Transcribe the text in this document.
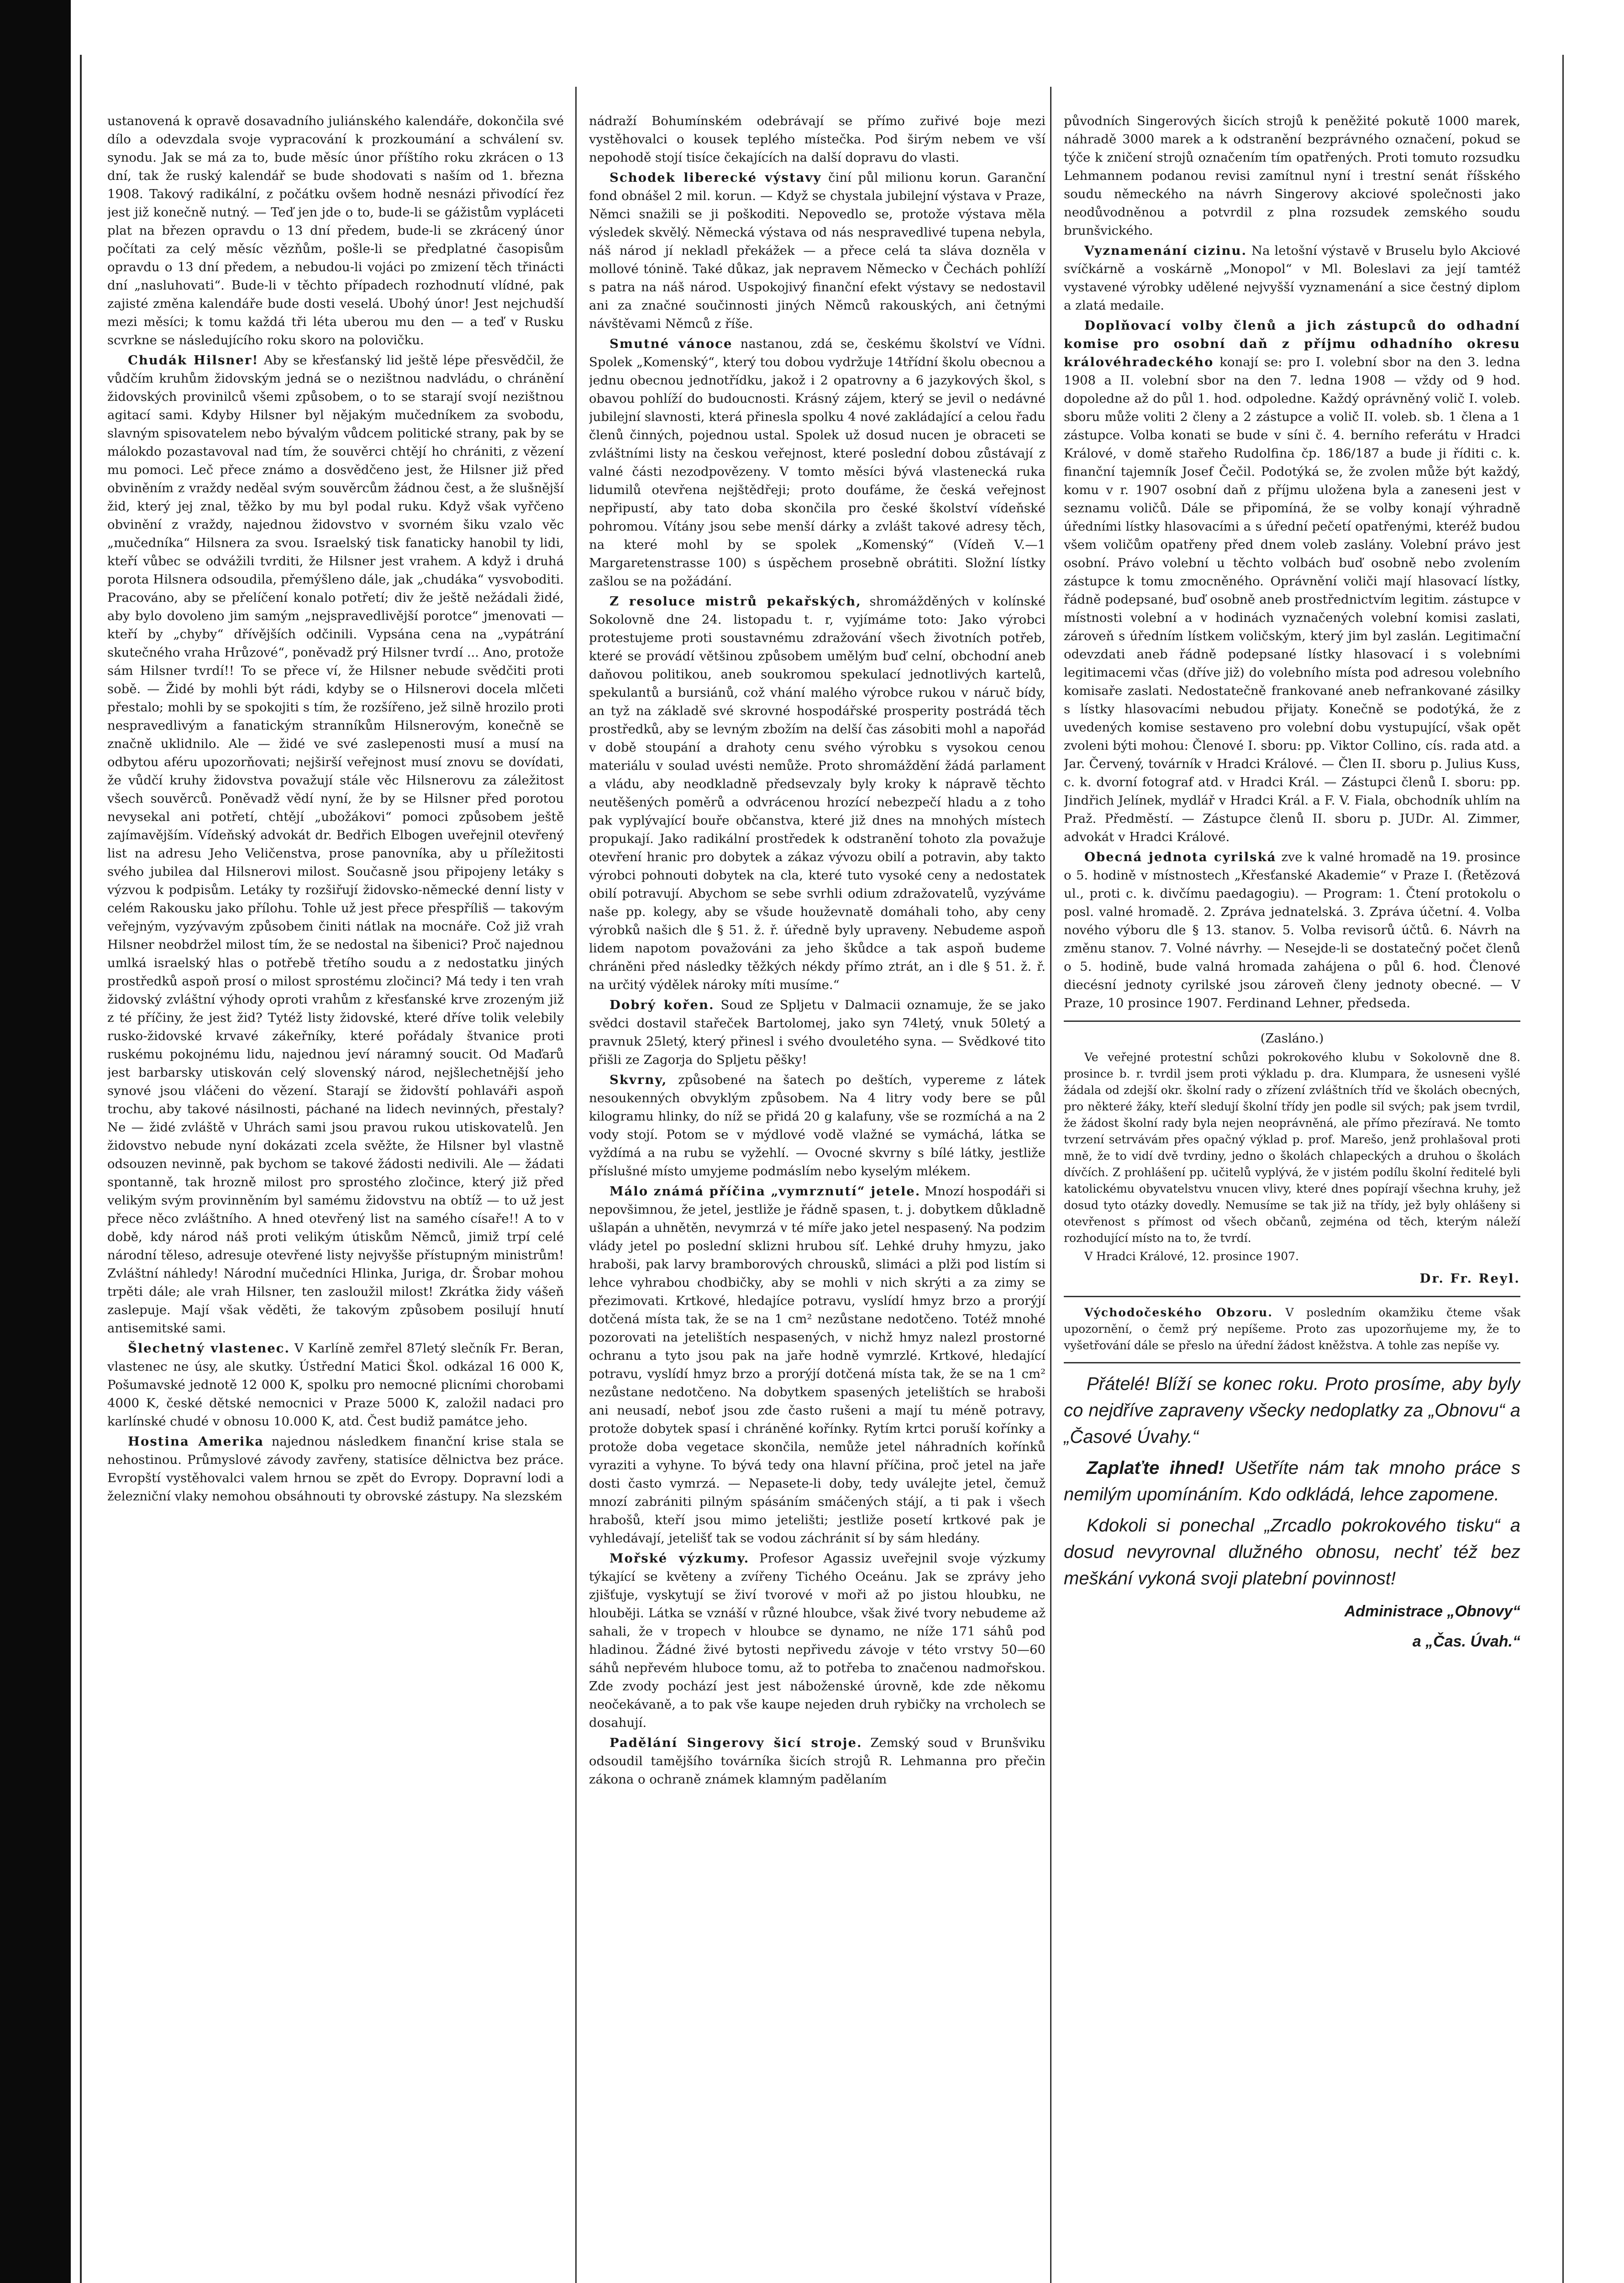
ustanovená k opravě dosavadního juliánského kalendáře, dokončila své dílo a odevzdala svoje vypracování k prozkoumání a schválení sv. synodu. Jak se má za to, bude měsíc únor příštího roku zkrácen o 13 dní, tak že ruský kalendář se bude shodovati s naším od 1. března 1908. Takový radikální, z počátku ovšem hodně nesnázi přivodící řez jest již konečně nutný. — Teď jen jde o to, bude-li se gážistům vypláceti plat na březen opravdu o 13 dní předem, bude-li se zkrácený únor počítati za celý měsíc vězňům, pošle-li se předplatné časopisům opravdu o 13 dní předem, a nebudou-li vojáci po zmizení těch třinácti dní „nasluhovati“. Bude-li v těchto případech rozhodnutí vlídné, pak zajisté změna kalendáře bude dosti veselá. Ubohý únor! Jest nejchudší mezi měsíci; k tomu každá tři léta uberou mu den — a teď v Rusku scvrkne se následujícího roku skoro na polovičku.

Chudák Hilsner! Aby se křesťanský lid ještě lépe přesvědčil, že vůdčím kruhům židovským jedná se o nezištnou nadvládu, o chránění židovských provinilců všemi způsobem, o to se starají svojí nezištnou agitací sami. Kdyby Hilsner byl nějakým mučedníkem za svobodu, slavným spisovatelem nebo bývalým vůdcem politické strany, pak by se málokdo pozastavoval nad tím, že souvěrci chtějí ho chrániti, z vězení mu pomoci. Leč přece známo a dosvědčeno jest, že Hilsner již před obviněním z vraždy neděal svým souvěrcům žádnou čest, a že slušnější žid, který jej znal, těžko by mu byl podal ruku. Když však vyřčeno obvinění z vraždy, najednou židovstvo v svorném šiku vzalo věc „mučedníka“ Hilsnera za svou. Israelský tisk fanaticky hanobil ty lidi, kteří vůbec se odvážili tvrditi, že Hilsner jest vrahem. A když i druhá porota Hilsnera odsoudila, přemýšleno dále, jak „chudáka“ vysvoboditi. Pracováno, aby se přelíčení konalo potřetí; div že ještě nežádali židé, aby bylo dovoleno jim samým „nejspravedlivější porotce“ jmenovati — kteří by „chyby“ dřívějších odčinili. Vypsána cena na „vypátrání skutečného vraha Hrůzové“, poněvadž prý Hilsner tvrdí ... Ano, protože sám Hilsner tvrdí!! To se přece ví, že Hilsner nebude svědčiti proti sobě. — Židé by mohli být rádi, kdyby se o Hilsnerovi docela mlčeti přestalo; mohli by se spokojiti s tím, že rozšířeno, jež silně hrozilo proti nespravedlivým a fanatickým stranníkům Hilsnerovým, konečně se značně uklidnilo. Ale — židé ve své zaslepenosti musí a musí na odbytou aféru upozorňovati; nejširší veřejnost musí znovu se dovídati, že vůdčí kruhy židovstva považují stále věc Hilsnerovu za záležitost všech souvěrců. Poněvadž vědí nyní, že by se Hilsner před porotou nevysekal ani potřetí, chtějí „ubožákovi“ pomoci způsobem ještě zajímavějším. Vídeňský advokát dr. Bedřich Elbogen uveřejnil otevřený list na adresu Jeho Veličenstva, prose panovníka, aby u příležitosti svého jubilea dal Hilsnerovi milost. Současně jsou připojeny letáky s výzvou k podpisům. Letáky ty rozšiřují židovsko-německé denní listy v celém Rakousku jako přílohu. Tohle už jest přece přespříliš — takovým veřejným, vyzývavým způsobem činiti nátlak na mocnáře. Což již vrah Hilsner neobdržel milost tím, že se nedostal na šibenici? Proč najednou umlká israelský hlas o potřebě třetího soudu a z nedostatku jiných prostředků aspoň prosí o milost sprostému zločinci? Má tedy i ten vrah židovský zvláštní výhody oproti vrahům z křesťanské krve zrozeným již z té příčiny, že jest žid? Tytéž listy židovské, které dříve tolik velebily rusko-židovské krvavé zákeřníky, které pořádaly štvanice proti ruskému pokojnému lidu, najednou jeví náramný soucit. Od Maďarů jest barbarsky utiskován celý slovenský národ, nejšlechetnější jeho synové jsou vláčeni do vězení. Starají se židovští pohlaváři aspoň trochu, aby takové násilnosti, páchané na lidech nevinných, přestaly? Ne — židé zvláště v Uhrách sami jsou pravou rukou utiskovatelů. Jen židovstvo nebude nyní dokázati zcela svěžte, že Hilsner byl vlastně odsouzen nevinně, pak bychom se takové žádosti nedivili. Ale — žádati spontanně, tak hrozně milost pro sprostého zločince, který již před velikým svým provinněním byl samému židovstvu na obtíž — to už jest přece něco zvláštního. A hned otevřený list na samého císaře!! A to v době, kdy národ náš proti velikým útiskům Němců, jimiž trpí celé národní těleso, adresuje otevřené listy nejvyšše přístupným ministrům! Zvláštní náhledy! Národní mučedníci Hlinka, Juriga, dr. Šrobar mohou trpěti dále; ale vrah Hilsner, ten zasloužil milost! Zkrátka židy vášeň zaslepuje. Mají však věděti, že takovým způsobem posilují hnutí antisemitské sami.

Šlechetný vlastenec. V Karlíně zemřel 87letý slečník Fr. Beran, vlastenec ne úsy, ale skutky. Ústřední Matici Škol. odkázal 16 000 K, Pošumavské jednotě 12 000 K, spolku pro nemocné plicními chorobami 4000 K, české dětské nemocnici v Praze 5000 K, založil nadaci pro karlínské chudé v obnosu 10.000 K, atd. Čest budiž památce jeho.

Hostina Amerika najednou následkem finanční krise stala se nehostinou. Průmyslové závody zavřeny, statisíce dělnictva bez práce. Evropští vystěhovalci valem hrnou se zpět do Evropy. Dopravní lodi a železniční vlaky nemohou obsáhnouti ty obrovské zástupy. Na slezském

nádraží Bohumínském odebrávají se přímo zuřivé boje mezi vystěhovalci o kousek teplého místečka. Pod širým nebem ve vší nepohodě stojí tisíce čekajících na další dopravu do vlasti.

Schodek liberecké výstavy činí půl milionu korun. Garanční fond obnášel 2 mil. korun. — Když se chystala jubilejní výstava v Praze, Němci snažili se ji poškoditi. Nepovedlo se, protože výstava měla výsledek skvělý. Německá výstava od nás nespravedlivé tupena nebyla, náš národ jí nekladl překážek — a přece celá ta sláva dozněla v mollové tónině. Také důkaz, jak nepravem Německo v Čechách pohlíží s patra na náš národ. Uspokojivý finanční efekt výstavy se nedostavil ani za značné součinnosti jiných Němců rakouských, ani četnými návštěvami Němců z říše.

Smutné vánoce nastanou, zdá se, českému školství ve Vídni. Spolek „Komenský“, který tou dobou vydržuje 14třídní školu obecnou a jednu obecnou jednotřídku, jakož i 2 opatrovny a 6 jazykových škol, s obavou pohlíží do budoucnosti. Krásný zájem, který se jevil o nedávné jubilejní slavnosti, která přinesla spolku 4 nové zakládající a celou řadu členů činných, pojednou ustal. Spolek už dosud nucen je obraceti se zvláštními listy na českou veřejnost, které poslední dobou zůstávají z valné části nezodpovězeny. V tomto měsíci bývá vlastenecká ruka lidumilů otevřena nejštědřeji; proto doufáme, že česká veřejnost nepřipustí, aby tato doba skončila pro české školství vídeňské pohromou. Vítány jsou sebe menší dárky a zvlášt takové adresy těch, na které mohl by se spolek „Komenský“ (Vídeň V.—1 Margaretenstrasse 100) s úspěchem prosebně obrátiti. Složní lístky zašlou se na požádání.

Z resoluce mistrů pekařských, shromážděných v kolínské Sokolovně dne 24. listopadu t. r, vyjímáme toto: Jako výrobci protestujeme proti soustavnému zdražování všech životních potřeb, které se provádí většinou způsobem umělým buď celní, obchodní aneb daňovou politikou, aneb soukromou spekulací jednotlivých kartelů, spekulantů a bursiánů, což vhání malého výrobce rukou v náruč bídy, an tyž na základě své skrovné hospodářské prosperity postrádá těch prostředků, aby se levným zbožím na delší čas zásobiti mohl a napořád v době stoupání a drahoty cenu svého výrobku s vysokou cenou materiálu v soulad uvésti nemůže. Proto shromáždění žádá parlament a vládu, aby neodkladně předsevzaly byly kroky k nápravě těchto neutěšených poměrů a odvrácenou hrozící nebezpečí hladu a z toho pak vyplývající bouře občanstva, které již dnes na mnohých místech propukají. Jako radikální prostředek k odstranění tohoto zla považuje otevření hranic pro dobytek a zákaz vývozu obilí a potravin, aby takto výrobci pohnouti dobytek na cla, které tuto vysoké ceny a nedostatek obilí potravují. Abychom se sebe svrhli odium zdražovatelů, vyzýváme naše pp. kolegy, aby se všude houževnatě domáhali toho, aby ceny výrobků našich dle § 51. ž. ř. úředně byly upraveny. Nebudeme aspoň lidem napotom považováni za jeho škůdce a tak aspoň budeme chráněni před následky těžkých nékdy přímo ztrát, an i dle § 51. ž. ř. na určitý výdělek nároky míti musíme.“

Dobrý kořen. Soud ze Spljetu v Dalmacii oznamuje, že se jako svědci dostavil stařeček Bartolomej, jako syn 74letý, vnuk 50letý a pravnuk 25letý, který přinesl i svého dvouletého syna. — Svědkové tito přišli ze Zagorja do Spljetu pěšky!

Skvrny, způsobené na šatech po deštích, vypereme z látek nesoukenných obvyklým způsobem. Na 4 litry vody bere se půl kilogramu hlinky, do níž se přidá 20 g kalafuny, vše se rozmíchá a na 2 vody stojí. Potom se v mýdlové vodě vlažné se vymáchá, látka se vyždímá a na rubu se vyžehlí. — Ovocné skvrny s bílé látky, jestliže příslušné místo umyjeme podmáslím nebo kyselým mlékem.

Málo známá příčina „vymrznutí“ jetele. Mnozí hospodáři si nepovšimnou, že jetel, jestliže je řádně spasen, t. j. dobytkem důkladně ušlapán a uhnětěn, nevymrzá v té míře jako jetel nespasený. Na podzim vlády jetel po poslední sklizni hrubou síť. Lehké druhy hmyzu, jako hraboši, pak larvy bramborových chrousků, slimáci a plži pod listím si lehce vyhrabou chodbičky, aby se mohli v nich skrýti a za zimy se přezimovati. Krtkové, hledajíce potravu, vyslídí hmyz brzo a prorýjí dotčená místa tak, že se na 1 cm² nezůstane nedotčeno. Totéž mnohé pozorovati na jetelištích nespasených, v nichž hmyz nalezl prostorné ochranu a tyto jsou pak na jaře hodně vymrzlé. Krtkové, hledající potravu, vyslídí hmyz brzo a prorýjí dotčená místa tak, že se na 1 cm² nezůstane nedotčeno. Na dobytkem spasených jetelištích se hraboši ani neusadí, neboť jsou zde často rušeni a mají tu méně potravy, protože dobytek spasí i chráněné kořínky. Rytím krtci poruší kořínky a protože doba vegetace skončila, nemůže jetel náhradních kořínků vyraziti a vyhyne. To bývá tedy ona hlavní příčina, proč jetel na jaře dosti často vymrzá. — Nepasete-li doby, tedy uválejte jetel, čemuž mnozí zabrániti pilným spásáním smáčených stájí, a ti pak i všech hrabošů, kteří jsou mimo jetelišti; jestliže posetí krtkové pak je vyhledávají, jetelišť tak se vodou záchránit sí by sám hledány.

Mořské výzkumy. Profesor Agassiz uveřejnil svoje výzkumy týkající se květeny a zvířeny Tichého Oceánu. Jak se zprávy jeho zjišťuje, vyskytují se živí tvorové v moři až po jistou hloubku, ne hlouběji. Látka se vznáší v různé hloubce, však živé tvory nebudeme až sahali, že v tropech v hloubce se dynamo, ne níže 171 sáhů pod hladinou. Žádné živé bytosti nepřivedu závoje v této vrstvy 50—60 sáhů nepřevém hluboce tomu, až to potřeba to značenou nadmořskou. Zde zvody pochází jest jest náboženské úrovně, kde zde někomu neočekávaně, a to pak vše kaupe nejeden druh rybičky na vrcholech se dosahují.

Padělání Singerovy šicí stroje. Zemský soud v Brunšviku odsoudil tamějšího továrníka šicích strojů R. Lehmanna pro přečin zákona o ochraně známek klamným padělaním

původních Singerových šicích strojů k peněžité pokutě 1000 marek, náhradě 3000 marek a k odstranění bezprávného označení, pokud se týče k zničení strojů označením tím opatřených. Proti tomuto rozsudku Lehmannem podanou revisi zamítnul nyní i trestní senát říšského soudu německého na návrh Singerovy akciové společnosti jako neodůvodněnou a potvrdil z plna rozsudek zemského soudu brunšvického.

Vyznamenání cizinu. Na letošní výstavě v Bruselu bylo Akciové svíčkárně a voskárně „Monopol“ v Ml. Boleslavi za její tamtéž vystavené výrobky udělené nejvyšší vyznamenání a sice čestný diplom a zlatá medaile.

Doplňovací volby členů a jich zástupců do odhadní komise pro osobní daň z příjmu odhadního okresu královéhradeckého konají se: pro I. volební sbor na den 3. ledna 1908 a II. volební sbor na den 7. ledna 1908 — vždy od 9 hod. dopoledne až do půl 1. hod. odpoledne. Každý oprávněný volič I. voleb. sboru může voliti 2 členy a 2 zástupce a volič II. voleb. sb. 1 člena a 1 zástupce. Volba konati se bude v síni č. 4. berního referátu v Hradci Králové, v domě stařeho Rudolfina čp. 186/187 a bude ji říditi c. k. finanční tajemník Josef Čečil. Podotýká se, že zvolen může být každý, komu v r. 1907 osobní daň z příjmu uložena byla a zaneseni jest v seznamu voličů. Dále se připomíná, že se volby konají výhradně úředními lístky hlasovacími a s úřední pečetí opatřenými, kteréž budou všem voličům opatřeny před dnem voleb zaslány. Volební právo jest osobní. Právo volební u těchto volbách buď osobně nebo zvolením zástupce k tomu zmocněného. Oprávnění voliči mají hlasovací lístky, řádně podepsané, buď osobně aneb prostřednictvím legitim. zástupce v místnosti volební a v hodinách vyznačených volební komisi zaslati, zároveň s úředním lístkem voličským, který jim byl zaslán. Legitimační odevzdati aneb řádně podepsané lístky hlasovací i s volebními legitimacemi včas (dříve již) do volebního místa pod adresou volebního komisaře zaslati. Nedostatečně frankované aneb nefrankované zásilky s lístky hlasovacími nebudou přijaty. Konečně se podotýká, že z uvedených komise sestaveno pro volební dobu vystupující, však opět zvoleni býti mohou: Členové I. sboru: pp. Viktor Collino, cís. rada atd. a Jar. Červený, továrník v Hradci Králové. — Člen II. sboru p. Julius Kuss, c. k. dvorní fotograf atd. v Hradci Král. — Zástupci členů I. sboru: pp. Jindřich Jelínek, mydlář v Hradci Král. a F. V. Fiala, obchodník uhlím na Praž. Předměstí. — Zástupce členů II. sboru p. JUDr. Al. Zimmer, advokát v Hradci Králové.

Obecná jednota cyrilská zve k valné hromadě na 19. prosince o 5. hodině v místnostech „Křesťanské Akademie“ v Praze I. (Řetězová ul., proti c. k. divčímu paedagogiu). — Program: 1. Čtení protokolu o posl. valné hromadě. 2. Zpráva jednatelská. 3. Zpráva účetní. 4. Volba nového výboru dle § 13. stanov. 5. Volba revisorů účtů. 6. Návrh na změnu stanov. 7. Volné návrhy. — Nesejde-li se dostatečný počet členů o 5. hodině, bude valná hromada zahájena o půl 6. hod. Členové diecésní jednoty cyrilské jsou zároveň členy jednoty obecné. — V Praze, 10 prosince 1907. Ferdinand Lehner, předseda.

(Zasláno.)

Ve veřejné protestní schůzi pokrokového klubu v Sokolovně dne 8. prosince b. r. tvrdil jsem proti výkladu p. dra. Klumpara, že usneseni vyšlé žádala od zdejší okr. školní rady o zřízení zvláštních tříd ve školách obecných, pro některé žáky, kteří sledují školní třídy jen podle sil svých; pak jsem tvrdil, že žádost školní rady byla nejen neoprávněná, ale přímo přezíravá. Ne tomto tvrzení setrvávám přes opačný výklad p. prof. Marešo, jenž prohlašoval proti mně, že to vidí dvě tvrdiny, jedno o školách chlapeckých a druhou o školách dívčích. Z prohlášení pp. učitelů vyplývá, že v jistém podílu školní ředitelé byli katolickému obyvatelstvu vnucen vlivy, které dnes popírají všechna kruhy, jež dosud tyto otázky dovedly. Nemusíme se tak již na třídy, jež byly ohlášeny si otevřenost s přímost od všech občanů, zejména od těch, kterým náleží rozhodující místo na to, že tvrdí.

V Hradci Králové, 12. prosince 1907.

Dr. Fr. Reyl.

Východočeského Obzoru. V posledním okamžiku čteme však upozornění, o čemž prý nepíšeme. Proto zas upozorňujeme my, že to vyšetřování dále se přeslo na úřední žádost kněžstva. A tohle zas nepíše vy.

Přátelé! Blíží se konec roku. Proto prosíme, aby byly co nejdříve zapraveny všecky nedoplatky za „Obnovu“ a „Časové Úvahy.“

Zaplaťte ihned! Ušetříte nám tak mnoho práce s nemilým upomínáním. Kdo odkládá, lehce zapomene.

Kdokoli si ponechal „Zrcadlo pokrokového tisku“ a dosud nevyrovnal dlužného obnosu, nechť též bez meškání vykoná svoji platební povinnost!

Administrace „Obnovy“
a „Čas. Úvah.“
